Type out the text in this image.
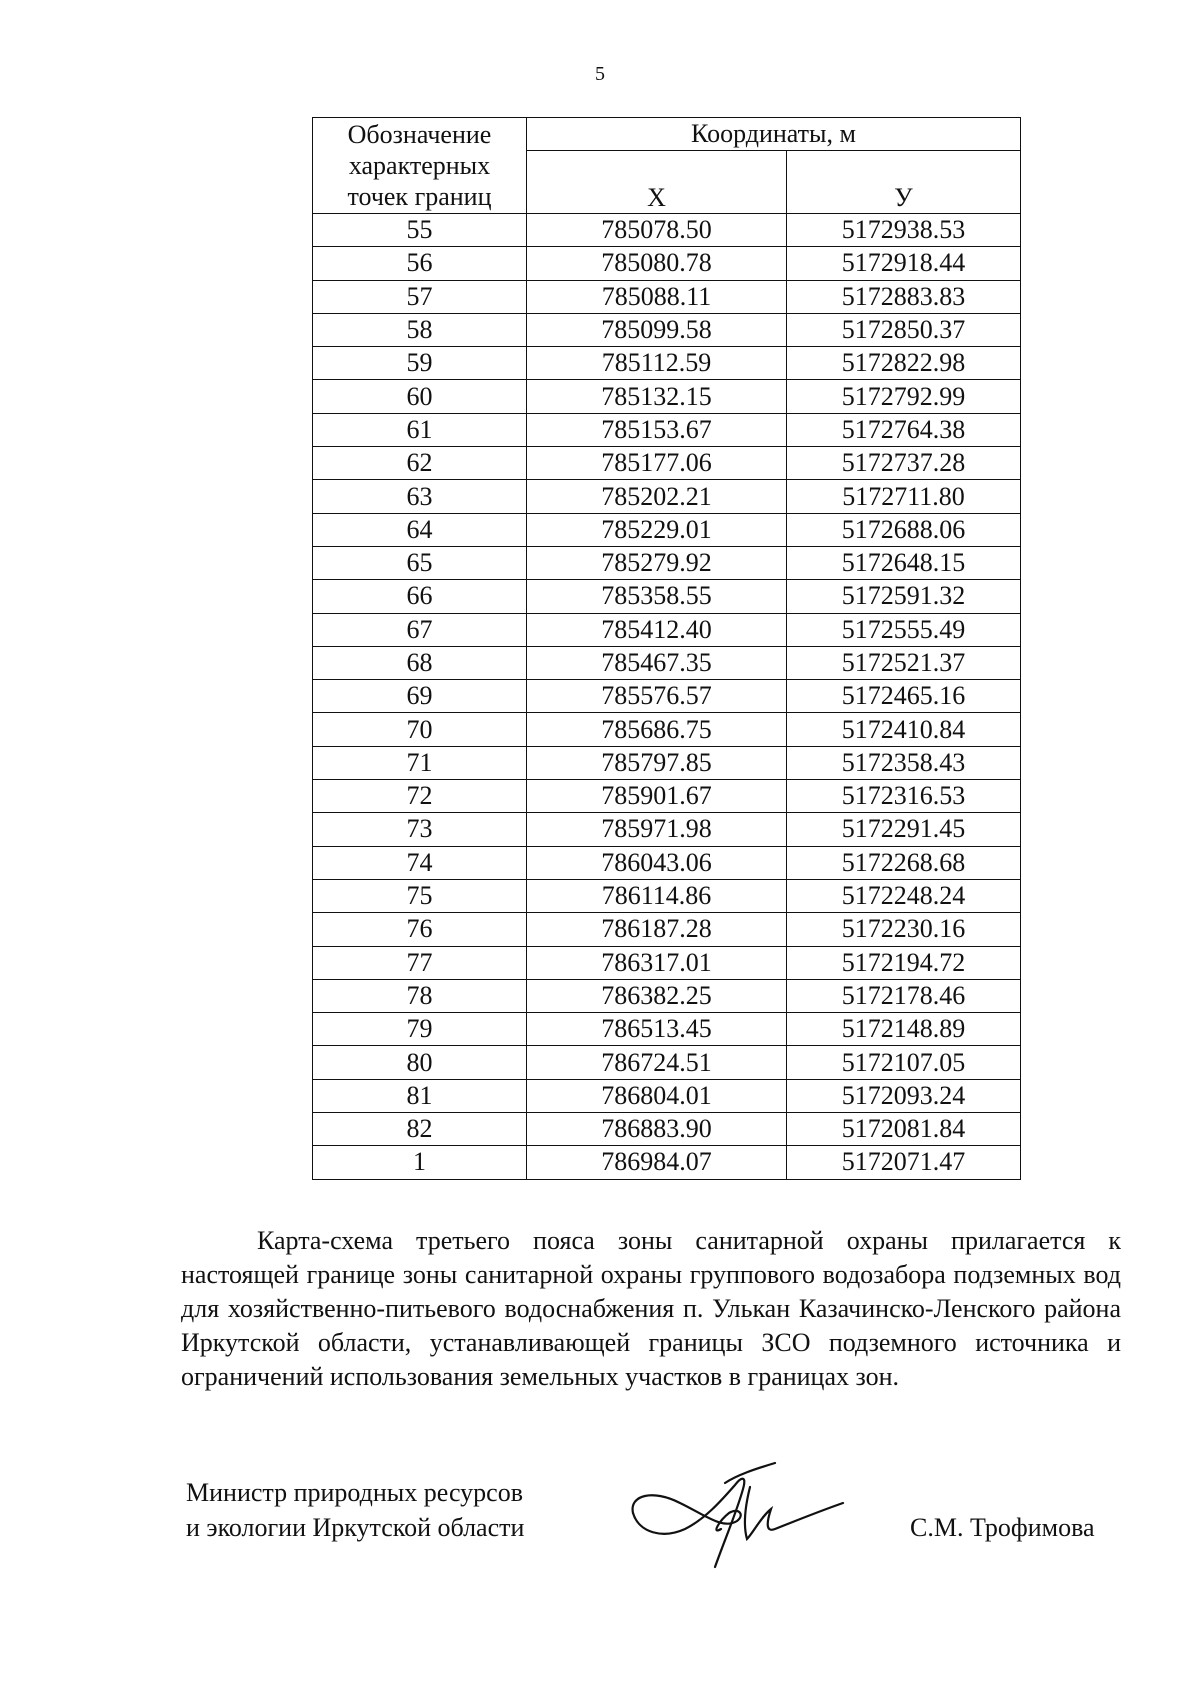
5
Обозначение характерных точек границ	Координаты, м	
	Х	У
55	785078.50	5172938.53
56	785080.78	5172918.44
57	785088.11	5172883.83
58	785099.58	5172850.37
59	785112.59	5172822.98
60	785132.15	5172792.99
61	785153.67	5172764.38
62	785177.06	5172737.28
63	785202.21	5172711.80
64	785229.01	5172688.06
65	785279.92	5172648.15
66	785358.55	5172591.32
67	785412.40	5172555.49
68	785467.35	5172521.37
69	785576.57	5172465.16
70	785686.75	5172410.84
71	785797.85	5172358.43
72	785901.67	5172316.53
73	785971.98	5172291.45
74	786043.06	5172268.68
75	786114.86	5172248.24
76	786187.28	5172230.16
77	786317.01	5172194.72
78	786382.25	5172178.46
79	786513.45	5172148.89
80	786724.51	5172107.05
81	786804.01	5172093.24
82	786883.90	5172081.84
1	786984.07	5172071.47

Карта-схема третьего пояса зоны санитарной охраны прилагается к настоящей границе зоны санитарной охраны группового водозабора подземных вод для хозяйственно-питьевого водоснабжения п. Улькан Казачинско-Ленского района Иркутской области, устанавливающей границы ЗСО подземного источника и ограничений использования земельных участков в границах зон.

Министр природных ресурсов
и экологии Иркутской области	С.М. Трофимова
